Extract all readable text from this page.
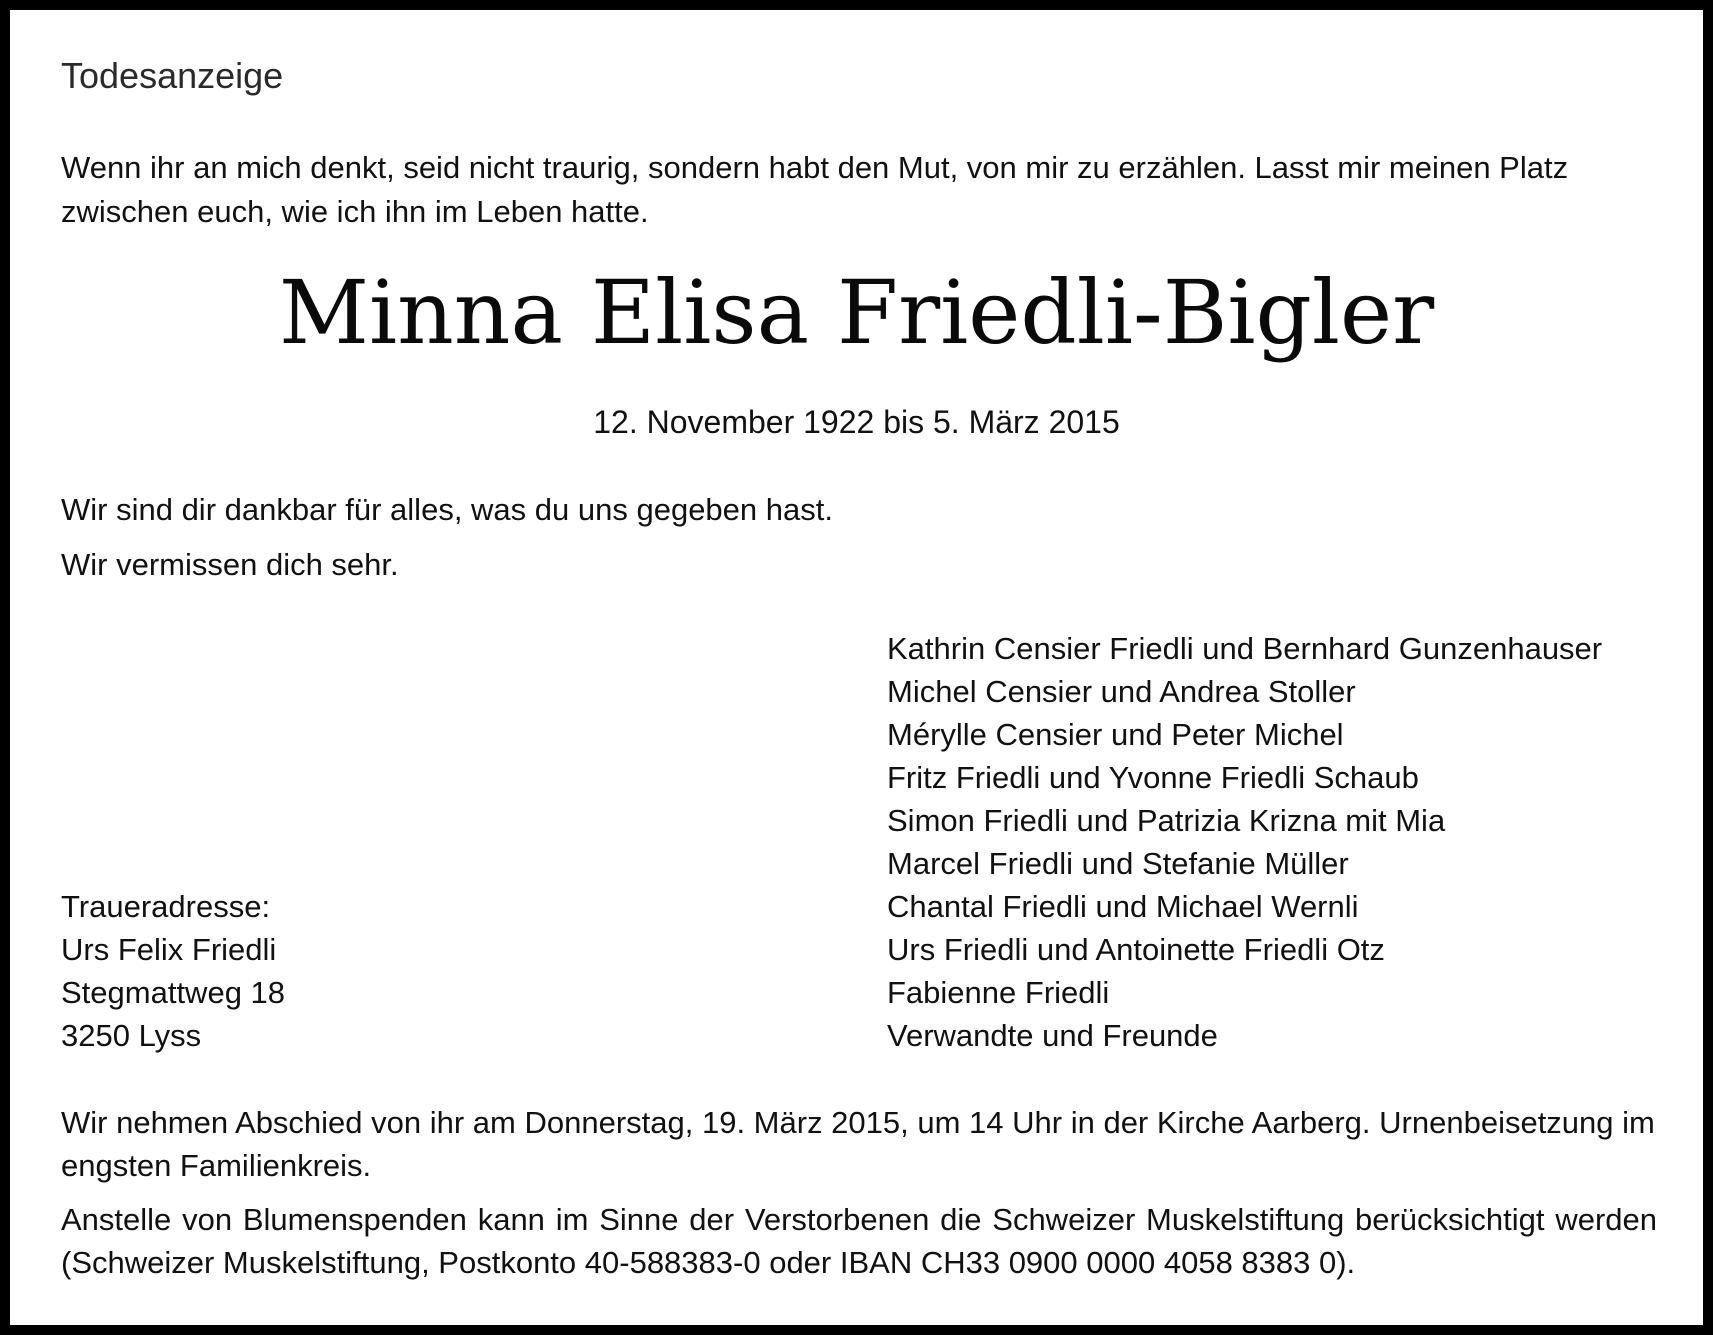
Todesanzeige
Wenn ihr an mich denkt, seid nicht traurig, sondern habt den Mut, von mir zu erzählen. Lasst mir meinen Platz zwischen euch, wie ich ihn im Leben hatte.
Minna Elisa Friedli-Bigler
12. November 1922 bis 5. März 2015
Wir sind dir dankbar für alles, was du uns gegeben hast.
Wir vermissen dich sehr.
Kathrin Censier Friedli und Bernhard Gunzenhauser
Michel Censier und Andrea Stoller
Mérylle Censier und Peter Michel
Fritz Friedli und Yvonne Friedli Schaub
Simon Friedli und Patrizia Krizna mit Mia
Marcel Friedli und Stefanie Müller
Chantal Friedli und Michael Wernli
Urs Friedli und Antoinette Friedli Otz
Fabienne Friedli
Verwandte und Freunde
Traueradresse:
Urs Felix Friedli
Stegmattweg 18
3250 Lyss
Wir nehmen Abschied von ihr am Donnerstag, 19. März 2015, um 14 Uhr in der Kirche Aarberg. Urnenbeisetzung im engsten Familienkreis.
Anstelle von Blumenspenden kann im Sinne der Verstorbenen die Schweizer Muskelstiftung berücksichtigt werden (Schweizer Muskelstiftung, Postkonto 40-588383-0 oder IBAN CH33 0900 0000 4058 8383 0).
